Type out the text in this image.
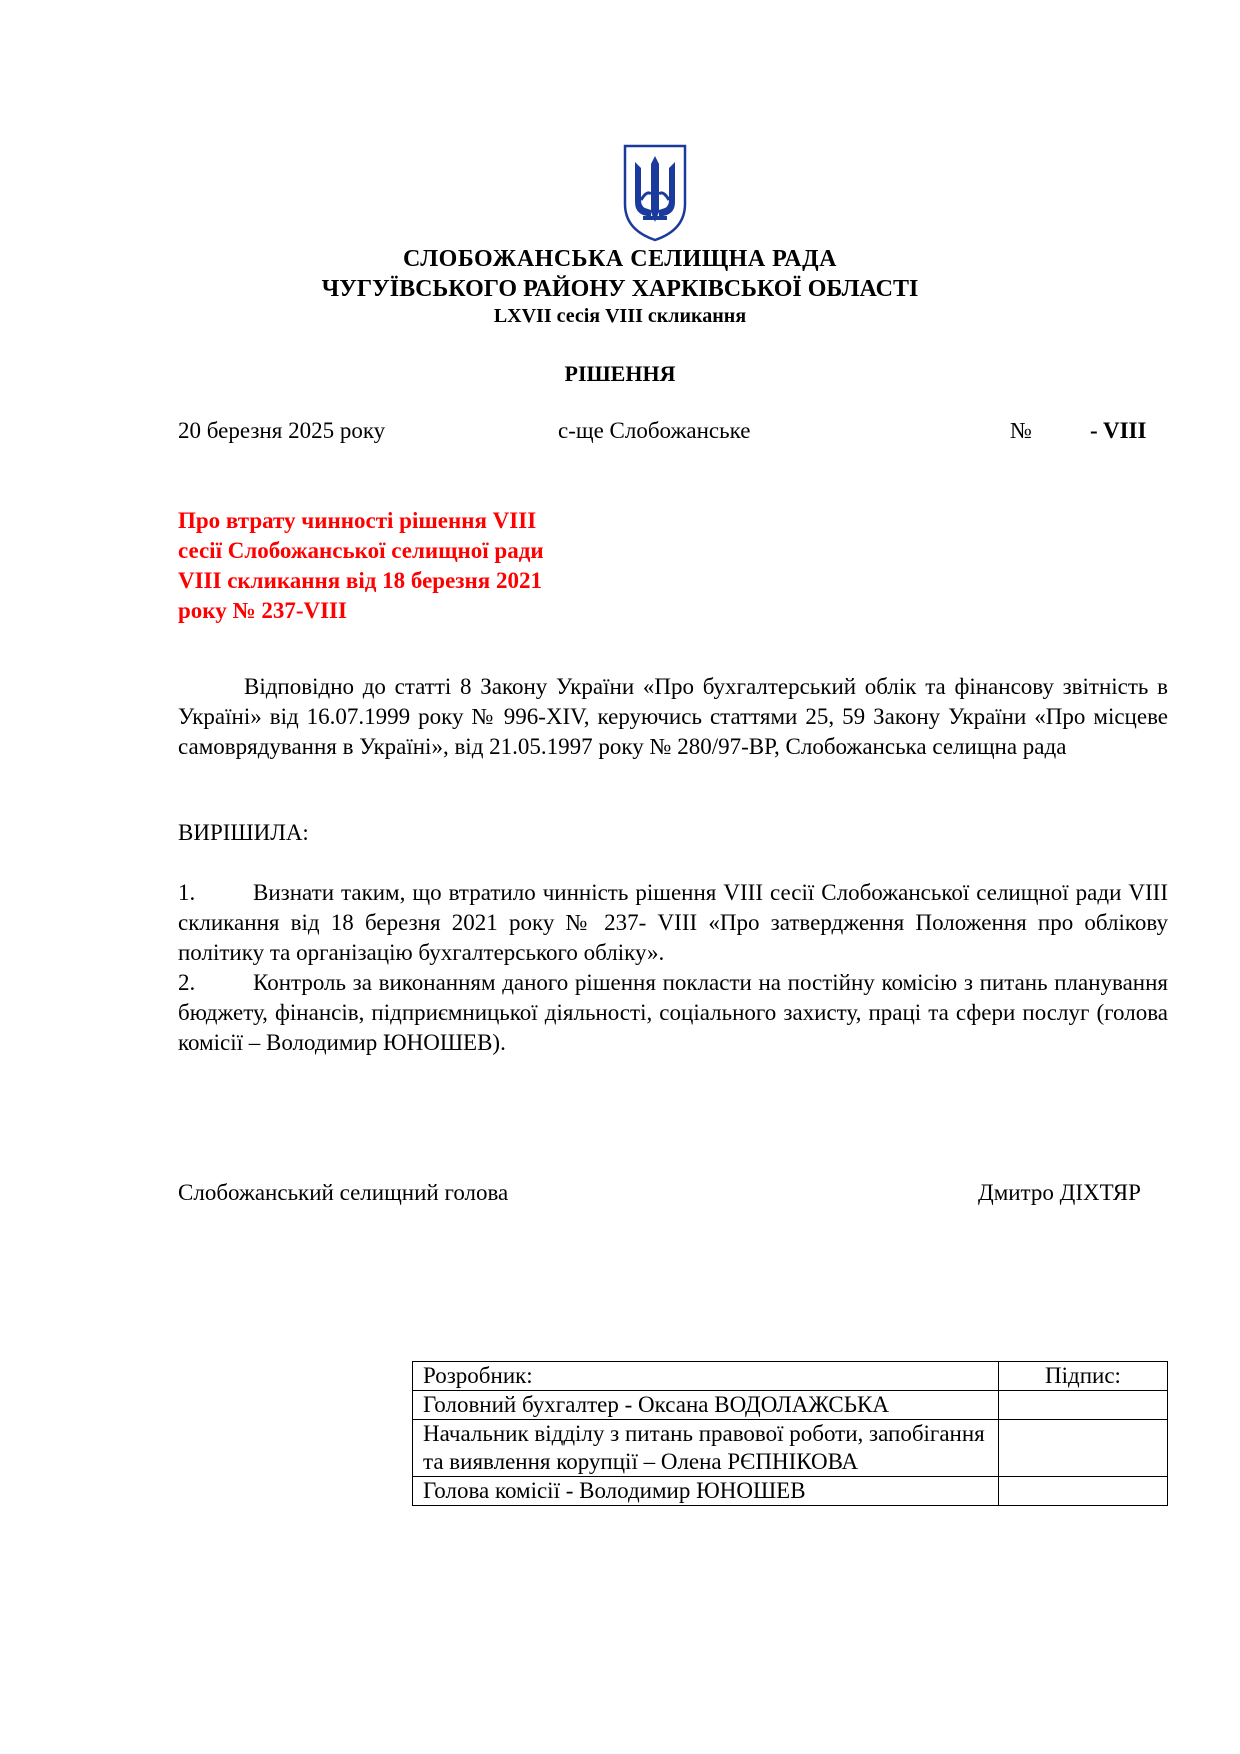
СЛОБОЖАНСЬКА СЕЛИЩНА РАДА
ЧУГУЇВСЬКОГО РАЙОНУ ХАРКІВСЬКОЇ ОБЛАСТІ
LXVII сесія VIII скликання
РІШЕННЯ
20 березня 2025 року	с-ще Слобожанське	№	- VIII
Про втрату чинності рішення VIII
сесії Слобожанської селищної ради
VIII скликання від 18 березня 2021
року № 237-VIII
Відповідно до статті 8 Закону України «Про бухгалтерський облік та фінансову звітність в Україні» від 16.07.1999 року № 996-XIV, керуючись статтями 25, 59 Закону України «Про місцеве самоврядування в Україні», від 21.05.1997 року № 280/97-ВР, Слобожанська селищна рада
ВИРІШИЛА:
1.	Визнати таким, що втратило чинність рішення VIII сесії Слобожанської селищної ради VIII скликання від 18 березня 2021 року № 237- VIII «Про затвердження Положення про облікову політику та організацію бухгалтерського обліку».
2.	Контроль за виконанням даного рішення покласти на постійну комісію з питань планування бюджету, фінансів, підприємницької діяльності, соціального захисту, праці та сфери послуг (голова комісії – Володимир ЮНОШЕВ).
Слобожанський селищний голова	Дмитро ДІХТЯР
Розробник:	Підпис:
Головний бухгалтер - Оксана ВОДОЛАЖСЬКА	
Начальник відділу з питань правової роботи, запобігання та виявлення корупції – Олена РЄПНІКОВА	
Голова комісії - Володимир ЮНОШЕВ	
